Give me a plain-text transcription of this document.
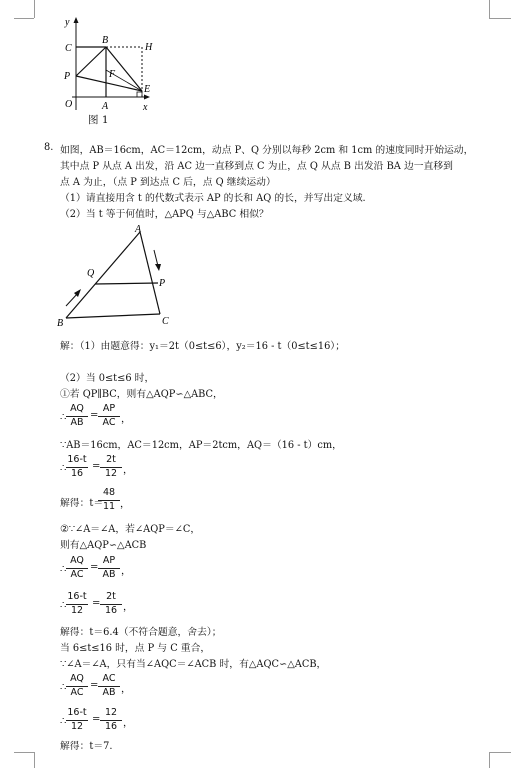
y
C
B
H
P	F
O	A
E
x
图 1
8. 如图，AB＝16cm，AC＝12cm，动点 P、Q 分别以每秒 2cm 和 1cm 的速度同时开始运动，
其中点 P 从点 A 出发，沿 AC 边一直移到点 C 为止，点 Q 从点 B 出发沿 BA 边一直移到
点 A 为止，（点 P 到达点 C 后，点 Q 继续运动）
（1）请直接用含 t 的代数式表示 AP 的长和 AQ 的长，并写出定义域.
（2）当 t 等于何值时，△APQ 与△ABC 相似？
A
Q
P
B	C
解：（1）由题意得：y₁＝2t（0≤t≤6），y₂＝16 - t（0≤t≤16）；
（2）当 0≤t≤6 时，
①若 QP∥BC，则有△AQP∽△ABC，
∴
AQ
AB
=
AP
AC ，
∵AB＝16cm，AC＝12cm，AP＝2tcm，AQ＝（16 - t）cm，
∴
16-t
16
=
2t
12 ，
解得：t＝
48
11 ，
②∵∠A＝∠A，若∠AQP＝∠C，
则有△AQP∽△ACB
∴
AQ
AC
=
AP
AB ，
∴
16-t
12
=
2t
16 ，
解得：t＝6.4（不符合题意，舍去）；
当 6≤t≤16 时，点 P 与 C 重合，
∵∠A＝∠A，只有当∠AQC＝∠ACB 时，有△AQC∽△ACB，
∴
AQ
AC
=
AC
AB ，
∴
16-t
12
=
12
16 ，
解得：t＝7.
